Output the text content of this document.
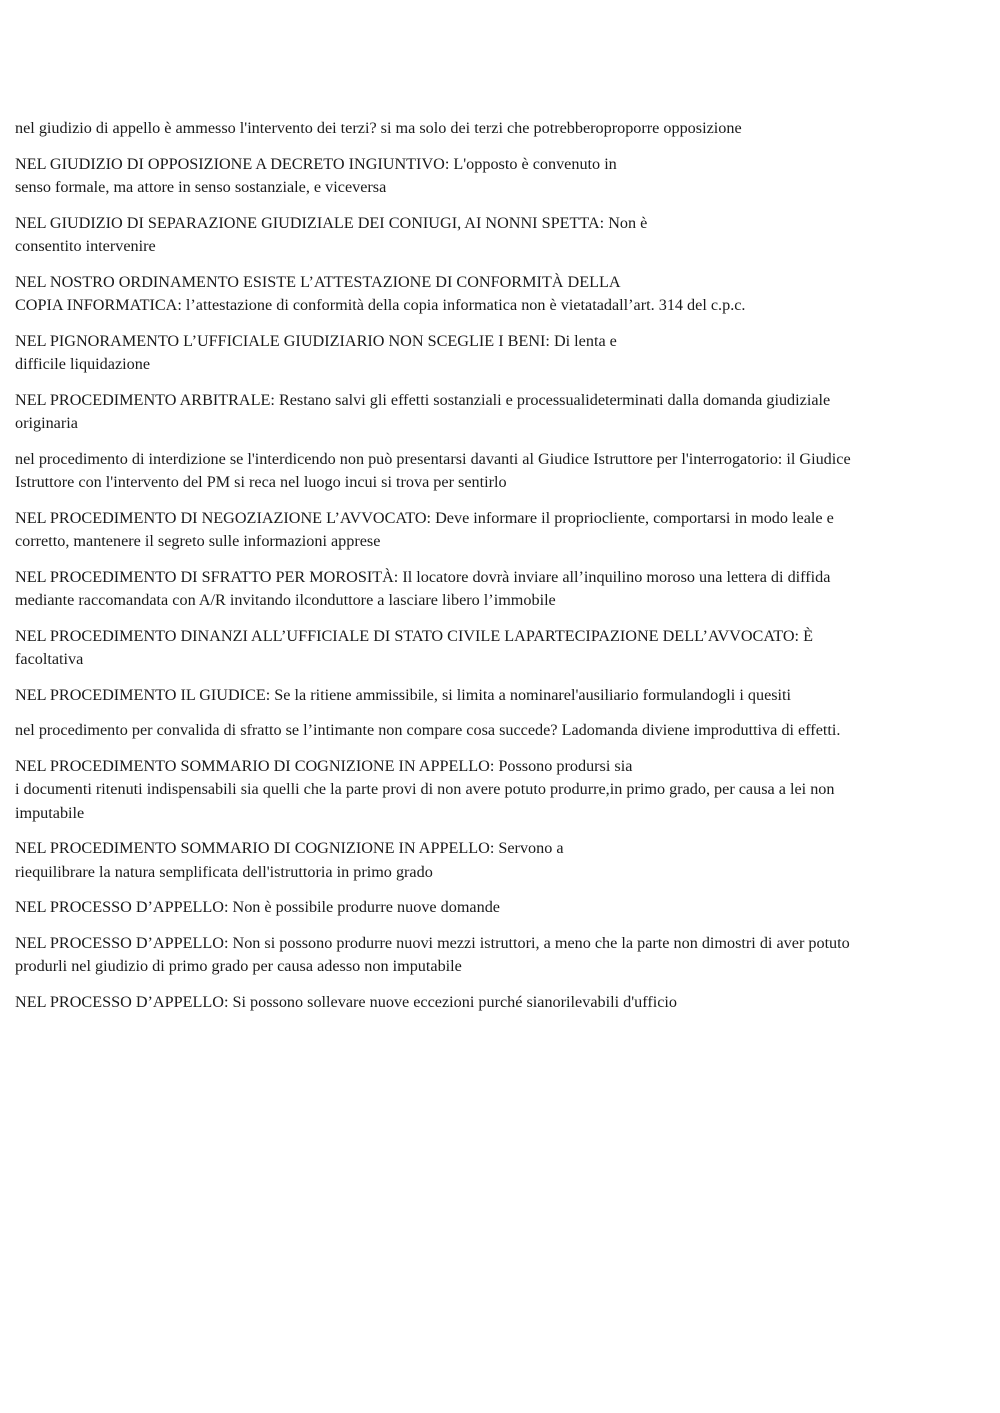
nel giudizio di appello è ammesso l'intervento dei terzi? si ma solo dei terzi che potrebberoproporre opposizione

NEL GIUDIZIO DI OPPOSIZIONE A DECRETO INGIUNTIVO: L'opposto è convenuto in
senso formale, ma attore in senso sostanziale, e viceversa

NEL GIUDIZIO DI SEPARAZIONE GIUDIZIALE DEI CONIUGI, AI NONNI SPETTA: Non è
consentito intervenire

NEL NOSTRO ORDINAMENTO ESISTE L’ATTESTAZIONE DI CONFORMITÀ DELLA
COPIA INFORMATICA: l’attestazione di conformità della copia informatica non è vietatadall’art. 314 del c.p.c.

NEL PIGNORAMENTO L’UFFICIALE GIUDIZIARIO NON SCEGLIE I BENI: Di lenta e
difficile liquidazione

NEL PROCEDIMENTO ARBITRALE: Restano salvi gli effetti sostanziali e processualideterminati dalla domanda giudiziale
originaria

nel procedimento di interdizione se l'interdicendo non può presentarsi davanti al Giudice Istruttore per l'interrogatorio: il Giudice
Istruttore con l'intervento del PM si reca nel luogo incui si trova per sentirlo

NEL PROCEDIMENTO DI NEGOZIAZIONE L’AVVOCATO: Deve informare il propriocliente, comportarsi in modo leale e
corretto, mantenere il segreto sulle informazioni apprese

NEL PROCEDIMENTO DI SFRATTO PER MOROSITÀ: Il locatore dovrà inviare all’inquilino moroso una lettera di diffida
mediante raccomandata con A/R invitando ilconduttore a lasciare libero l’immobile

NEL PROCEDIMENTO DINANZI ALL’UFFICIALE DI STATO CIVILE LAPARTECIPAZIONE DELL’AVVOCATO: È
facoltativa

NEL PROCEDIMENTO IL GIUDICE: Se la ritiene ammissibile, si limita a nominarel'ausiliario formulandogli i quesiti

nel procedimento per convalida di sfratto se l’intimante non compare cosa succede? Ladomanda diviene improduttiva di effetti.

NEL PROCEDIMENTO SOMMARIO DI COGNIZIONE IN APPELLO: Possono prodursi sia
i documenti ritenuti indispensabili sia quelli che la parte provi di non avere potuto produrre,in primo grado, per causa a lei non
imputabile

NEL PROCEDIMENTO SOMMARIO DI COGNIZIONE IN APPELLO: Servono a
riequilibrare la natura semplificata dell'istruttoria in primo grado

NEL PROCESSO D’APPELLO: Non è possibile produrre nuove domande

NEL PROCESSO D’APPELLO: Non si possono produrre nuovi mezzi istruttori, a meno che la parte non dimostri di aver potuto
produrli nel giudizio di primo grado per causa adesso non imputabile

NEL PROCESSO D’APPELLO: Si possono sollevare nuove eccezioni purché sianorilevabili d'ufficio
